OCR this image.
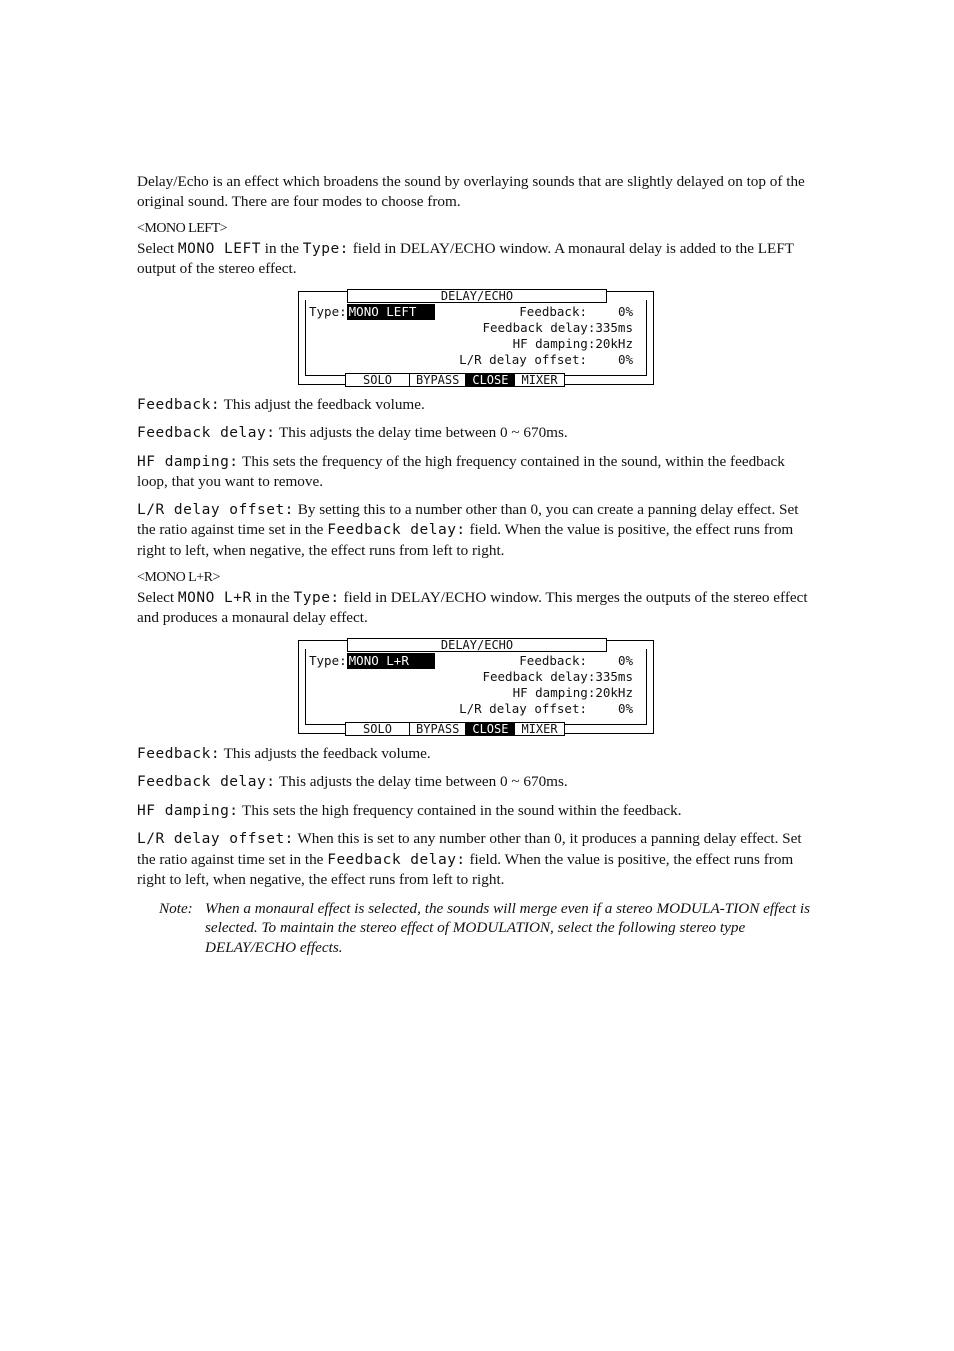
Delay/Echo is an effect which broadens the sound by overlaying sounds that are slightly delayed on top of the original sound. There are four modes to choose from.

<MONO LEFT>

Select MONO LEFT in the Type: field in DELAY/ECHO window. A monaural delay is added to the LEFT output of the stereo effect.

DELAY/ECHO
Type: MONO LEFT	Feedback: 0%
Feedback delay:335ms
HF damping:20kHz
L/R delay offset: 0%
SOLO	BYPASS	CLOSE	MIXER

Feedback: This adjust the feedback volume.

Feedback delay: This adjusts the delay time between 0 ~ 670ms.

HF damping: This sets the frequency of the high frequency contained in the sound, within the feedback loop, that you want to remove.

L/R delay offset: By setting this to a number other than 0, you can create a panning delay effect. Set the ratio against time set in the Feedback delay: field. When the value is positive, the effect runs from right to left, when negative, the effect runs from left to right.

<MONO L+R>

Select MONO L+R in the Type: field in DELAY/ECHO window. This merges the outputs of the stereo effect and produces a monaural delay effect.

DELAY/ECHO
Type: MONO L+R	Feedback: 0%
Feedback delay:335ms
HF damping:20kHz
L/R delay offset: 0%
SOLO	BYPASS	CLOSE	MIXER

Feedback: This adjusts the feedback volume.

Feedback delay: This adjusts the delay time between 0 ~ 670ms.

HF damping: This sets the high frequency contained in the sound within the feedback.

L/R delay offset: When this is set to any number other than 0, it produces a panning delay effect. Set the ratio against time set in the Feedback delay: field. When the value is positive, the effect runs from right to left, when negative, the effect runs from left to right.

Note: When a monaural effect is selected, the sounds will merge even if a stereo MODULA-TION effect is selected. To maintain the stereo effect of MODULATION, select the following stereo type DELAY/ECHO effects.
